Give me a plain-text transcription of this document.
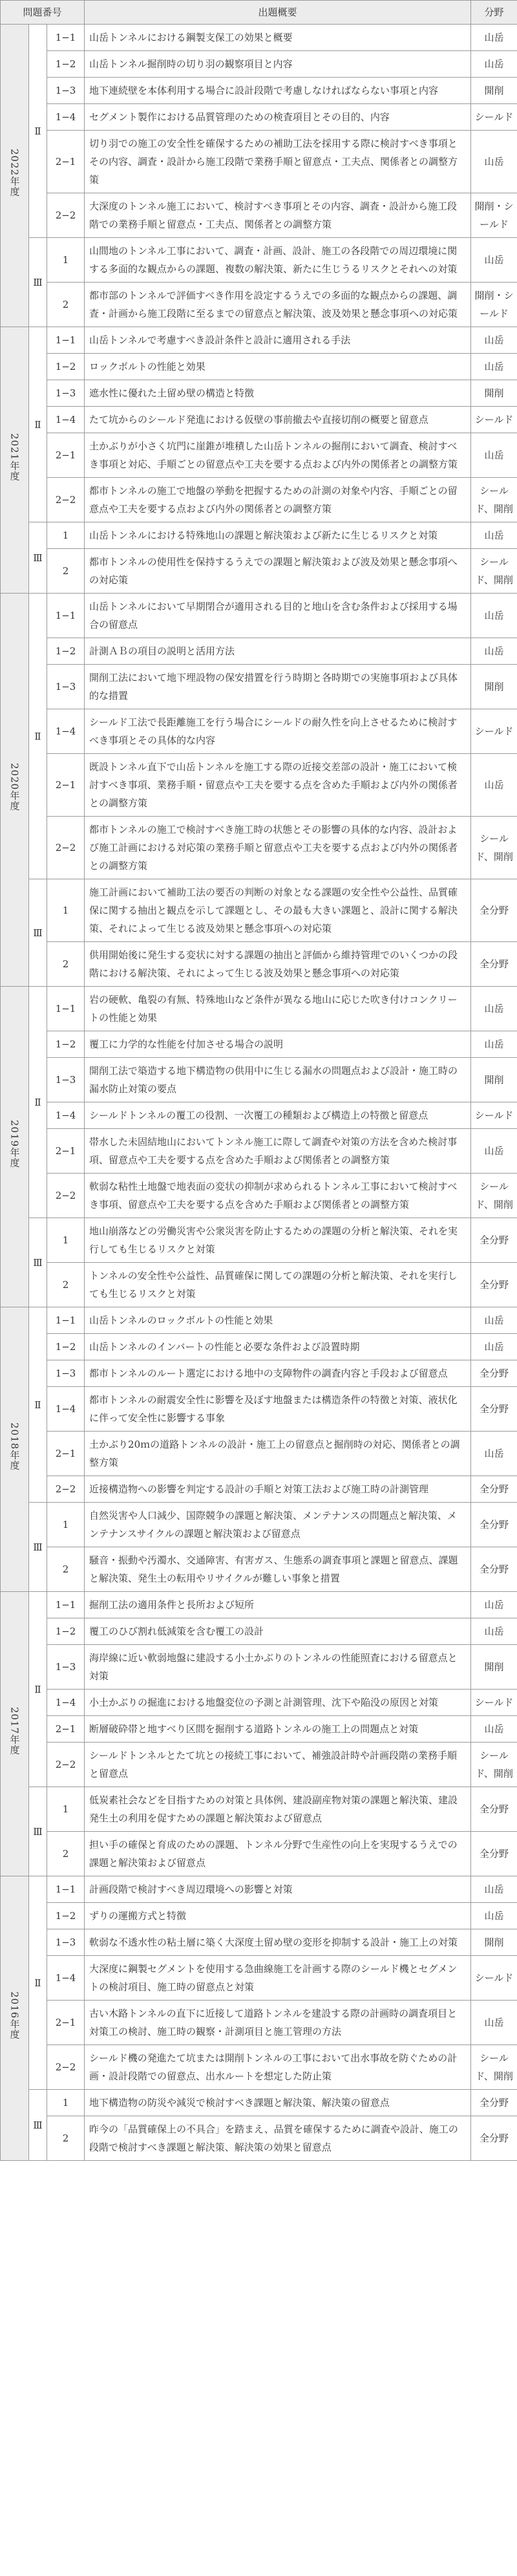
問題番号			出題概要	分野
2022年度	Ⅱ	1−1	山岳トンネルにおける鋼製支保工の効果と概要	山岳
		1−2	山岳トンネル掘削時の切り羽の観察項目と内容	山岳
		1−3	地下連続壁を本体利用する場合に設計段階で考慮しなければならない事項と内容	開削
		1−4	セグメント製作における品質管理のための検査項目とその目的、内容	シールド
		2−1	切り羽での施工の安全性を確保するための補助工法を採用する際に検討すべき事項とその内容、調査・設計から施工段階で業務手順と留意点・工夫点、関係者との調整方策	山岳
		2−2	大深度のトンネル施工において、検討すべき事項とその内容、調査・設計から施工段階での業務手順と留意点・工夫点、関係者との調整方策	開削・シールド
	Ⅲ	1	山間地のトンネル工事において、調査・計画、設計、施工の各段階での周辺環境に関する多面的な観点からの課題、複数の解決策、新たに生じうるリスクとそれへの対策	山岳
		2	都市部のトンネルで評価すべき作用を設定するうえでの多面的な観点からの課題、調査・計画から施工段階に至るまでの留意点と解決策、波及効果と懸念事項への対応策	開削・シールド
2021年度	Ⅱ	1−1	山岳トンネルで考慮すべき設計条件と設計に適用される手法	山岳
		1−2	ロックボルトの性能と効果	山岳
		1−3	遮水性に優れた土留め壁の構造と特徴	開削
		1−4	たて坑からのシールド発進における仮壁の事前撤去や直接切削の概要と留意点	シールド
		2−1	土かぶりが小さく坑門に崖錐が堆積した山岳トンネルの掘削において調査、検討すべき事項と対応、手順ごとの留意点や工夫を要する点および内外の関係者との調整方策	山岳
		2−2	都市トンネルの施工で地盤の挙動を把握するための計測の対象や内容、手順ごとの留意点や工夫を要する点および内外の関係者との調整方策	シールド、開削
	Ⅲ	1	山岳トンネルにおける特殊地山の課題と解決策および新たに生じるリスクと対策	山岳
		2	都市トンネルの使用性を保持するうえでの課題と解決策および波及効果と懸念事項への対応策	シールド、開削
2020年度	Ⅱ	1−1	山岳トンネルにおいて早期閉合が適用される目的と地山を含む条件および採用する場合の留意点	山岳
		1−2	計測ＡＢの項目の説明と活用方法	山岳
		1−3	開削工法において地下埋設物の保安措置を行う時期と各時期での実施事項および具体的な措置	開削
		1−4	シールド工法で長距離施工を行う場合にシールドの耐久性を向上させるために検討すべき事項とその具体的な内容	シールド
		2−1	既設トンネル直下で山岳トンネルを施工する際の近接交差部の設計・施工において検討すべき事項、業務手順・留意点や工夫を要する点を含めた手順および内外の関係者との調整方策	山岳
		2−2	都市トンネルの施工で検討すべき施工時の状態とその影響の具体的な内容、設計および施工計画における対応策の業務手順と留意点や工夫を要する点および内外の関係者との調整方策	シールド、開削
	Ⅲ	1	施工計画において補助工法の要否の判断の対象となる課題の安全性や公益性、品質確保に関する抽出と観点を示して課題とし、その最も大きい課題と、設計に関する解決策、それによって生じる波及効果と懸念事項への対応策	全分野
		2	供用開始後に発生する変状に対する課題の抽出と評価から維持管理でのいくつかの段階における解決策、それによって生じる波及効果と懸念事項への対応策	全分野
2019年度	Ⅱ	1−1	岩の硬軟、亀裂の有無、特殊地山など条件が異なる地山に応じた吹き付けコンクリートの性能と効果	山岳
		1−2	覆工に力学的な性能を付加させる場合の説明	山岳
		1−3	開削工法で築造する地下構造物の供用中に生じる漏水の問題点および設計・施工時の漏水防止対策の要点	開削
		1−4	シールドトンネルの覆工の役割、一次覆工の種類および構造上の特徴と留意点	シールド
		2−1	帯水した未固結地山においてトンネル施工に際して調査や対策の方法を含めた検討事項、留意点や工夫を要する点を含めた手順および関係者との調整方策	山岳
		2−2	軟弱な粘性土地盤で地表面の変状の抑制が求められるトンネル工事において検討すべき事項、留意点や工夫を要する点を含めた手順および関係者との調整方策	シールド、開削
	Ⅲ	1	地山崩落などの労働災害や公衆災害を防止するための課題の分析と解決策、それを実行しても生じるリスクと対策	全分野
		2	トンネルの安全性や公益性、品質確保に関しての課題の分析と解決策、それを実行しても生じるリスクと対策	全分野
2018年度	Ⅱ	1−1	山岳トンネルのロックボルトの性能と効果	山岳
		1−2	山岳トンネルのインバートの性能と必要な条件および設置時期	山岳
		1−3	都市トンネルのルート選定における地中の支障物件の調査内容と手段および留意点	全分野
		1−4	都市トンネルの耐震安全性に影響を及ぼす地盤または構造条件の特徴と対策、液状化に伴って安全性に影響する事象	全分野
		2−1	土かぶり20ｍの道路トンネルの設計・施工上の留意点と掘削時の対応、関係者との調整方策	山岳
		2−2	近接構造物への影響を判定する設計の手順と対策工法および施工時の計測管理	全分野
	Ⅲ	1	自然災害や人口減少、国際競争の課題と解決策、メンテナンスの問題点と解決策、メンテナンスサイクルの課題と解決策および留意点	全分野
		2	騒音・振動や汚濁水、交通障害、有害ガス、生態系の調査事項と課題と留意点、課題と解決策、発生土の転用やリサイクルが難しい事象と措置	全分野
2017年度	Ⅱ	1−1	掘削工法の適用条件と長所および短所	山岳
		1−2	覆工のひび割れ低減策を含む覆工の設計	山岳
		1−3	海岸線に近い軟弱地盤に建設する小土かぶりのトンネルの性能照査における留意点と対策	開削
		1−4	小土かぶりの掘進における地盤変位の予測と計測管理、沈下や陥没の原因と対策	シールド
		2−1	断層破砕帯と地すべり区間を掘削する道路トンネルの施工上の問題点と対策	山岳
		2−2	シールドトンネルとたて坑との接続工事において、補強設計時や計画段階の業務手順と留意点	シールド、開削
	Ⅲ	1	低炭素社会などを目指すための対策と具体例、建設副産物対策の課題と解決策、建設発生土の利用を促すための課題と解決策および留意点	全分野
		2	担い手の確保と育成のための課題、トンネル分野で生産性の向上を実現するうえでの課題と解決策および留意点	全分野
2016年度	Ⅱ	1−1	計画段階で検討すべき周辺環境への影響と対策	山岳
		1−2	ずりの運搬方式と特徴	山岳
		1−3	軟弱な不透水性の粘土層に築く大深度土留め壁の変形を抑制する設計・施工上の対策	開削
		1−4	大深度に鋼製セグメントを使用する急曲線施工を計画する際のシールド機とセグメントの検討項目、施工時の留意点と対策	シールド
		2−1	古い木路トンネルの直下に近接して道路トンネルを建設する際の計画時の調査項目と対策工の検討、施工時の観察・計測項目と施工管理の方法	山岳
		2−2	シールド機の発進たて坑または開削トンネルの工事において出水事故を防ぐための計画・設計段階での留意点、出水ルートを想定した防止策	シールド、開削
	Ⅲ	1	地下構造物の防災や減災で検討すべき課題と解決策、解決策の留意点	全分野
		2	昨今の「品質確保上の不具合」を踏まえ、品質を確保するために調査や設計、施工の段階で検討すべき課題と解決策、解決策の効果と留意点	全分野
